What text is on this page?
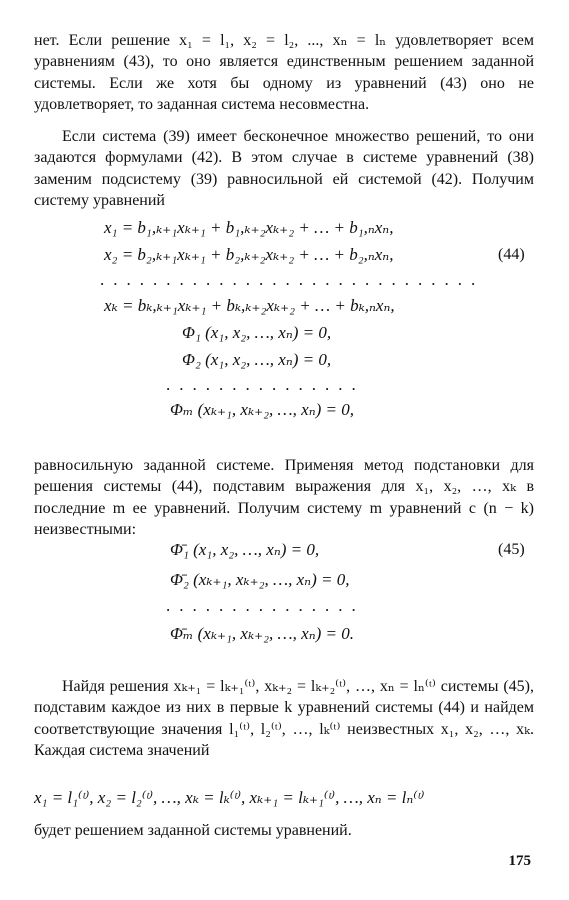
нет. Если решение x₁ = l₁, x₂ = l₂, ..., xₙ = lₙ удовлетворяет всем уравнениям (43), то оно является единственным решением заданной системы. Если же хотя бы одному из уравнений (43) оно не удовлетворяет, то заданная система несовместна.

Если система (39) имеет бесконечное множество решений, то они задаются формулами (42). В этом случае в системе уравнений (38) заменим подсистему (39) равносильной ей системой (42). Получим систему уравнений

x₁ = b₁,ₖ₊₁xₖ₊₁ + b₁,ₖ₊₂xₖ₊₂ + … + b₁,ₙxₙ,
x₂ = b₂,ₖ₊₁xₖ₊₁ + b₂,ₖ₊₂xₖ₊₂ + … + b₂,ₙxₙ,	(44)
.............................
xₖ = bₖ,ₖ₊₁xₖ₊₁ + bₖ,ₖ₊₂xₖ₊₂ + … + bₖ,ₙxₙ,
Φ₁ (x₁, x₂, …, xₙ) = 0,
Φ₂ (x₁, x₂, …, xₙ) = 0,
...............
Φₘ (xₖ₊₁, xₖ₊₂, …, xₙ) = 0,

равносильную заданной системе. Применяя метод подстановки для решения системы (44), подставим выражения для x₁, x₂, …, xₖ в последние m ее уравнений. Получим систему m уравнений с (n − k) неизвестными:

Φ̄₁ (x₁, x₂, …, xₙ) = 0,	(45)
Φ̄₂ (xₖ₊₁, xₖ₊₂, …, xₙ) = 0,
...............
Φ̄ₘ (xₖ₊₁, xₖ₊₂, …, xₙ) = 0.

Найдя решения xₖ₊₁ = lₖ₊₁⁽ᵗ⁾, xₖ₊₂ = lₖ₊₂⁽ᵗ⁾, …, xₙ = lₙ⁽ᵗ⁾ системы (45), подставим каждое из них в первые k уравнений системы (44) и найдем соответствующие значения l₁⁽ᵗ⁾, l₂⁽ᵗ⁾, …, lₖ⁽ᵗ⁾ неизвестных x₁, x₂, …, xₖ. Каждая система значений

x₁ = l₁⁽ᵗ⁾, x₂ = l₂⁽ᵗ⁾, …, xₖ = lₖ⁽ᵗ⁾, xₖ₊₁ = lₖ₊₁⁽ᵗ⁾, …, xₙ = lₙ⁽ᵗ⁾

будет решением заданной системы уравнений.

175
